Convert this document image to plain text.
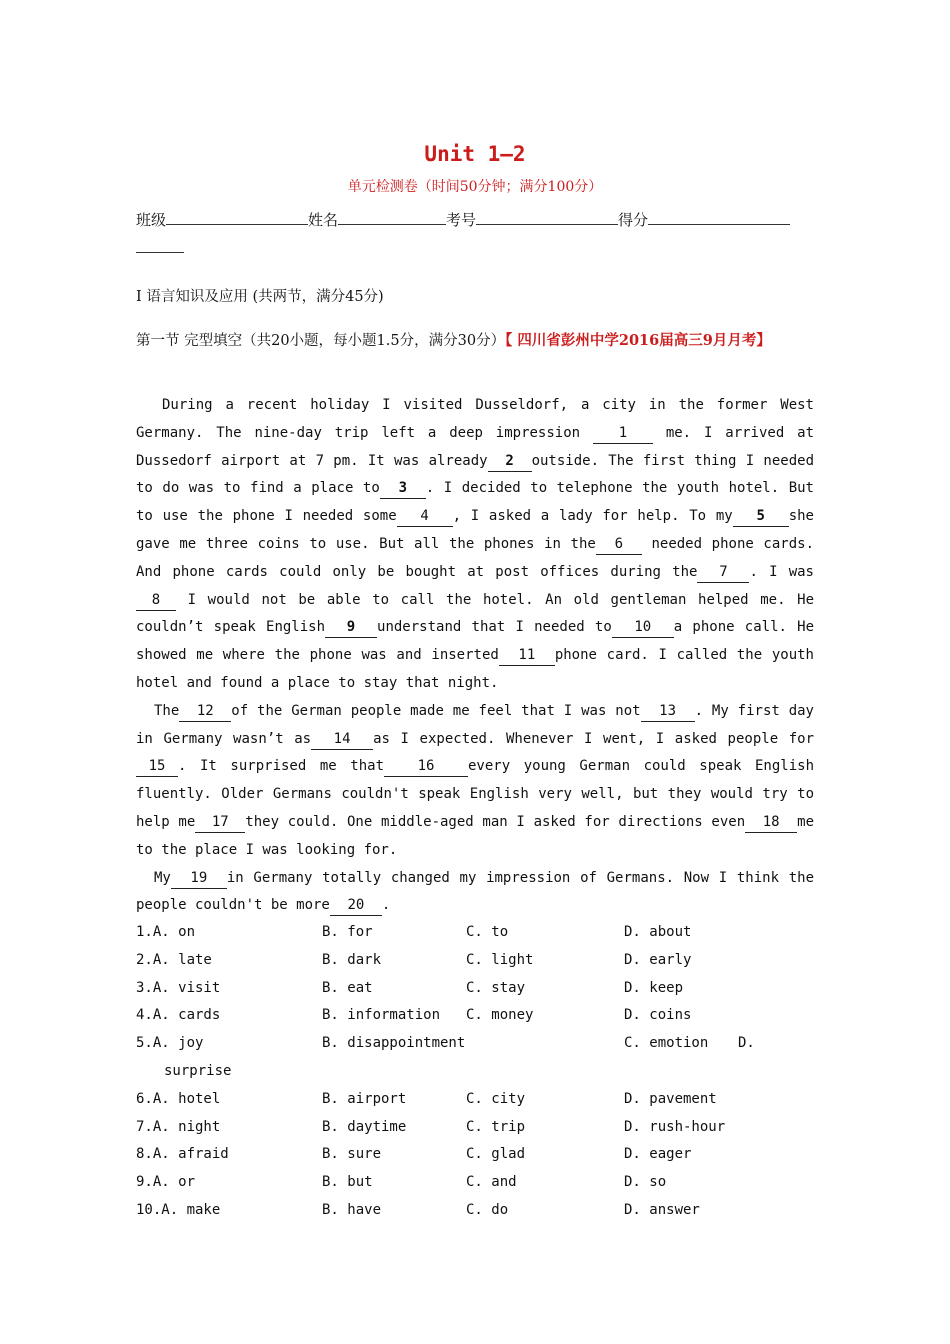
Unit 1—2
单元检测卷（时间50分钟；满分100分）
班级	姓名	考号	得分
I 语言知识及应用 (共两节，满分45分)
第一节 完型填空（共20小题，每小题1.5分，满分30分）【 四川省彭州中学2016届高三9月月考】

During a recent holiday I visited Dusseldorf, a city in the former West Germany. The nine-day trip left a deep impression 1 me. I arrived at Dussedorf airport at 7 pm. It was already 2 outside. The first thing I needed to do was to find a place to 3 . I decided to telephone the youth hotel. But to use the phone I needed some 4 , I asked a lady for help. To my 5 she gave me three coins to use. But all the phones in the 6 needed phone cards. And phone cards could only be bought at post offices during the 7 . I was8 I would not be able to call the hotel. An old gentleman helped me. He couldn’t speak English 9 understand that I needed to 10 a phone call. He showed me where the phone was and inserted 11 phone card. I called the youth hotel and found a place to stay that night.

The 12 of the German people made me feel that I was not 13 . My first day in Germany wasn’t as 14 as I expected. Whenever I went, I asked people for 15 . It surprised me that 16 every young German could speak English fluently. Older Germans couldn't speak English very well, but they would try to help me 17 they could. One middle-aged man I asked for directions even 18 me to the place I was looking for.

My 19 in Germany totally changed my impression of Germans. Now I think the people couldn't be more 20 .

1.A. on	B. for	C. to	D. about
2.A. late	B. dark	C. light	D. early
3.A. visit	B. eat	C. stay	D. keep
4.A. cards	B. information C. money	D. coins
5.A. joy	B. disappointment	C. emotion D.
surprise
6.A. hotel	B. airport	C. city	D. pavement
7.A. night	B. daytime	C. trip	D. rush-hour
8.A. afraid	B. sure	C. glad	D. eager
9.A. or	B. but	C. and	D. so
10.A. make	B. have	C. do	D. answer
